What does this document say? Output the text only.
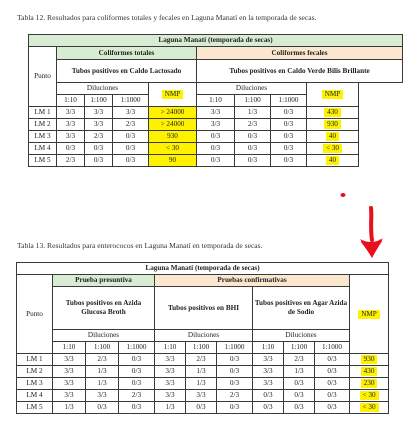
Tabla 12. Resultados para coliformes totales y fecales en Laguna Manatí en la temporada de secas.
Laguna Manatí (temporada de secas)								
Punto	Coliformes totales				Coliformes fecales			
	Tubos positivos en Caldo Lactosado				Tubos positivos en Caldo Verde Bilis Brillante			
	Diluciones			NMP	Diluciones			NMP
	1:10	1:100	1:1000		1:10	1:100	1:1000	
LM 1	3/3	3/3	3/3	> 24000	3/3	1/3	0/3	430
LM 2	3/3	3/3	2/3	> 24000	3/3	2/3	0/3	930
LM 3	3/3	2/3	0/3	930	0/3	0/3	0/3	40
LM 4	0/3	0/3	0/3	< 30	0/3	0/3	0/3	< 30
LM 5	2/3	0/3	0/3	90	0/3	0/3	0/3	40
Tabla 13. Resultados para enterococos en Laguna Manatí en temporada de secas.
Laguna Manatí (temporada de secas)										
Punto	Prueba presuntiva			Pruebas confirmativas						NMP
	Tubos positivos en Azida Glucosa Broth			Tubos positivos en BHI			Tubos positivos en Agar Azida de Sodio			
	Diluciones			Diluciones			Diluciones			
	1:10	1:100	1:1000	1:10	1:100	1:1000	1:10	1:100	1:1000	
LM 1	3/3	2/3	0/3	3/3	2/3	0/3	3/3	2/3	0/3	930
LM 2	3/3	1/3	0/3	3/3	1/3	0/3	3/3	1/3	0/3	430
LM 3	3/3	1/3	0/3	3/3	1/3	0/3	3/3	0/3	0/3	230
LM 4	3/3	3/3	2/3	3/3	3/3	2/3	0/3	0/3	0/3	< 30
LM 5	1/3	0/3	0/3	1/3	0/3	0/3	0/3	0/3	0/3	< 30
